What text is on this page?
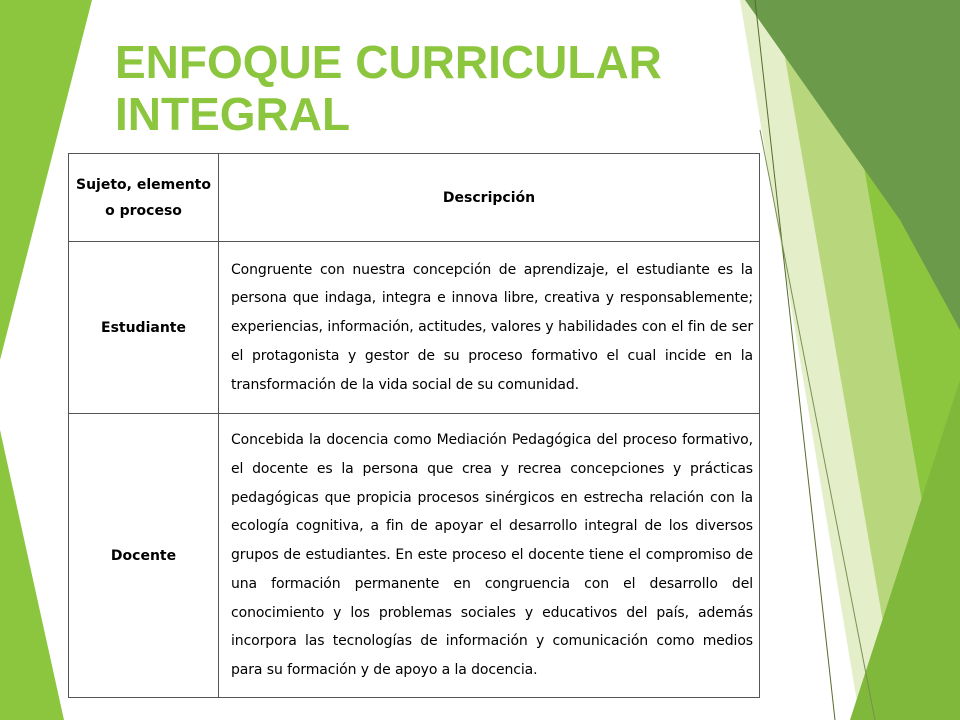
ENFOQUE CURRICULAR INTEGRAL
Sujeto, elemento o proceso	Descripción
Estudiante	Congruente con nuestra concepción de aprendizaje, el estudiante es la persona que indaga, integra e innova libre, creativa y responsablemente; experiencias, información, actitudes, valores y habilidades con el fin de ser el protagonista y gestor de su proceso formativo el cual incide en la transformación de la vida social de su comunidad.
Docente	Concebida la docencia como Mediación Pedagógica del proceso formativo, el docente es la persona que crea y recrea concepciones y prácticas pedagógicas que propicia procesos sinérgicos en estrecha relación con la ecología cognitiva, a fin de apoyar el desarrollo integral de los diversos grupos de estudiantes. En este proceso el docente tiene el compromiso de una formación permanente en congruencia con el desarrollo del conocimiento y los problemas sociales y educativos del país, además incorpora las tecnologías de información y comunicación como medios para su formación y de apoyo a la docencia.
